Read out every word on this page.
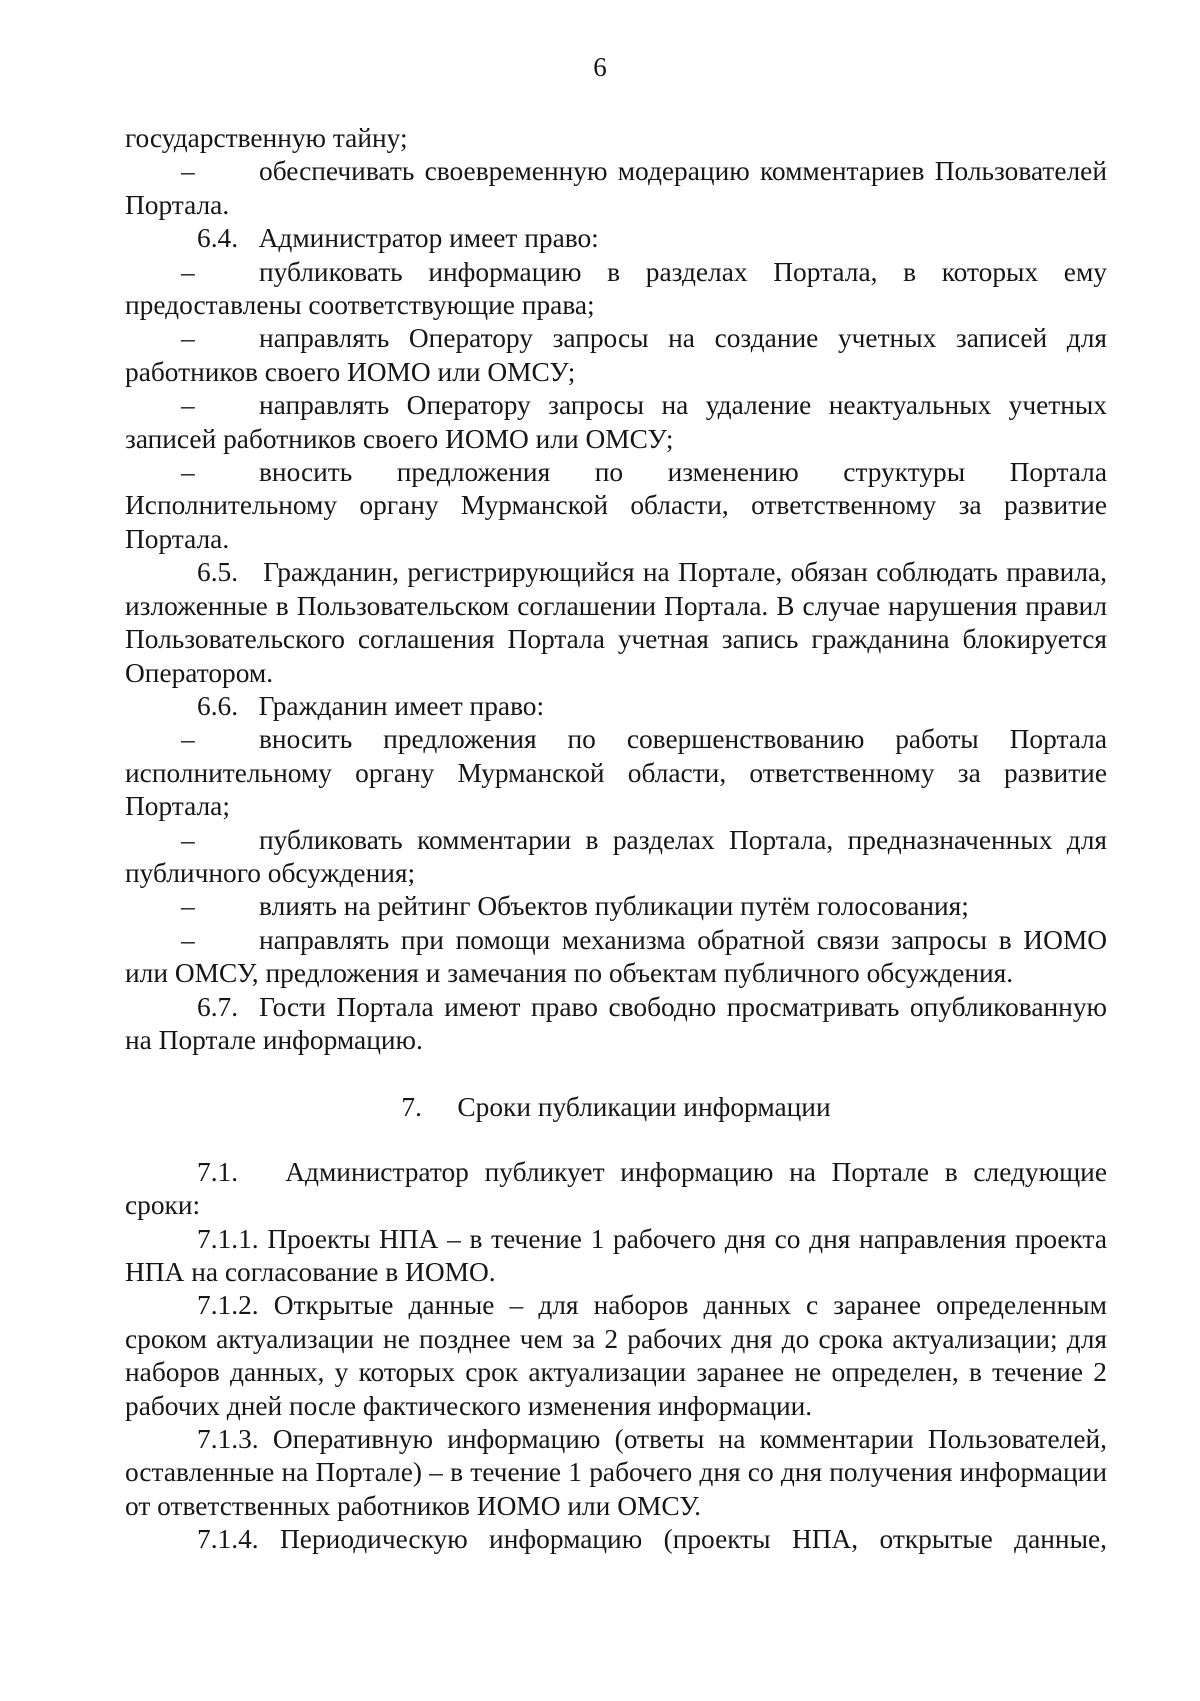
6

государственную тайну;

– обеспечивать своевременную модерацию комментариев Пользователей Портала.

6.4.   Администратор имеет право:

– публиковать информацию в разделах Портала, в которых ему предоставлены соответствующие права;

– направлять Оператору запросы на создание учетных записей для работников своего ИОМО или ОМСУ;

– направлять Оператору запросы на удаление неактуальных учетных записей работников своего ИОМО или ОМСУ;

– вносить предложения по изменению структуры Портала Исполнительному органу Мурманской области, ответственному за развитие Портала.

6.5.   Гражданин, регистрирующийся на Портале, обязан соблюдать правила, изложенные в Пользовательском соглашении Портала. В случае нарушения правил Пользовательского соглашения Портала учетная запись гражданина блокируется Оператором.

6.6.   Гражданин имеет право:

– вносить предложения по совершенствованию работы Портала исполнительному органу Мурманской области, ответственному за развитие Портала;

– публиковать комментарии в разделах Портала, предназначенных для публичного обсуждения;

– влиять на рейтинг Объектов публикации путём голосования;

– направлять при помощи механизма обратной связи запросы в ИОМО или ОМСУ, предложения и замечания по объектам публичного обсуждения.

6.7.  Гости Портала имеют право свободно просматривать опубликованную на Портале информацию.

7. Сроки публикации информации

7.1.   Администратор публикует информацию на Портале в следующие сроки:

7.1.1. Проекты НПА – в течение 1 рабочего дня со дня направления проекта НПА на согласование в ИОМО.

7.1.2. Открытые данные – для наборов данных с заранее определенным сроком актуализации не позднее чем за 2 рабочих дня до срока актуализации; для наборов данных, у которых срок актуализации заранее не определен, в течение 2 рабочих дней после фактического изменения информации.

7.1.3. Оперативную информацию (ответы на комментарии Пользователей, оставленные на Портале) – в течение 1 рабочего дня со дня получения информации от ответственных работников ИОМО или ОМСУ.

7.1.4. Периодическую информацию (проекты НПА, открытые данные,
